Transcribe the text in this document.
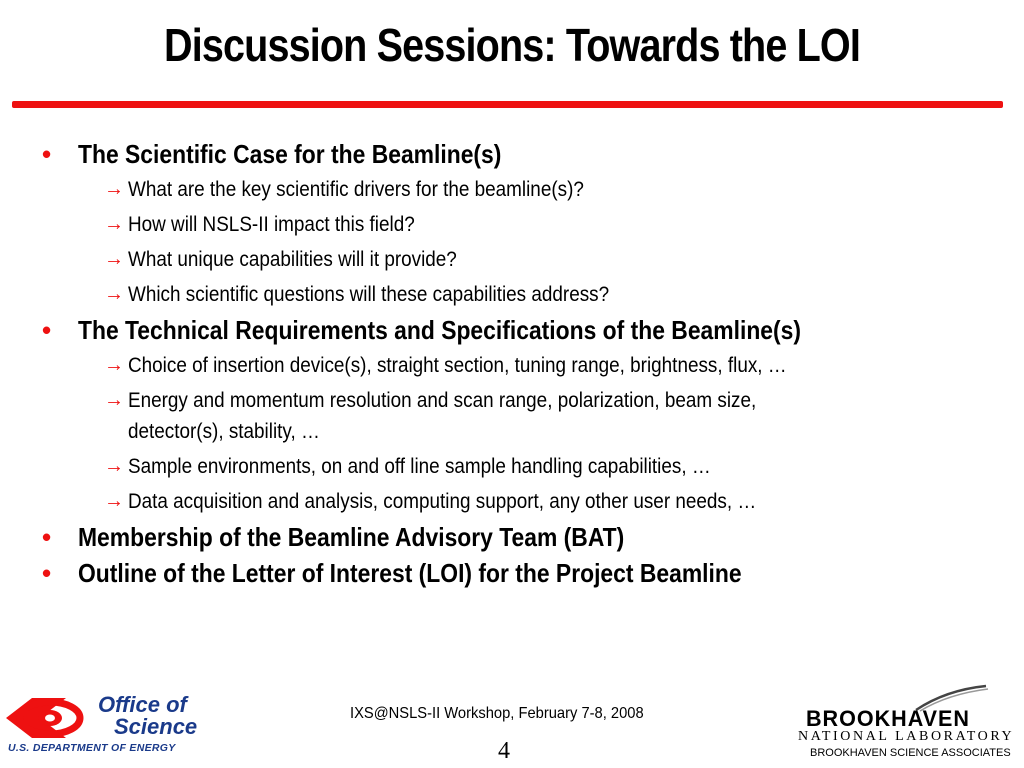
Discussion Sessions: Towards the LOI
• The Scientific Case for the Beamline(s)
→ What are the key scientific drivers for the beamline(s)?
→ How will NSLS-II impact this field?
→ What unique capabilities will it provide?
→ Which scientific questions will these capabilities address?
• The Technical Requirements and Specifications of the Beamline(s)
→ Choice of insertion device(s), straight section, tuning range, brightness, flux, …
→ Energy and momentum resolution and scan range, polarization, beam size,
detector(s), stability, …
→ Sample environments, on and off line sample handling capabilities, …
→ Data acquisition and analysis, computing support, any other user needs, …
• Membership of the Beamline Advisory Team (BAT)
• Outline of the Letter of Interest (LOI) for the Project Beamline
Office of
Science
U.S. DEPARTMENT OF ENERGY
IXS@NSLS-II Workshop, February 7-8, 2008
4
BROOKHAVEN
NATIONAL LABORATORY
BROOKHAVEN SCIENCE ASSOCIATES
